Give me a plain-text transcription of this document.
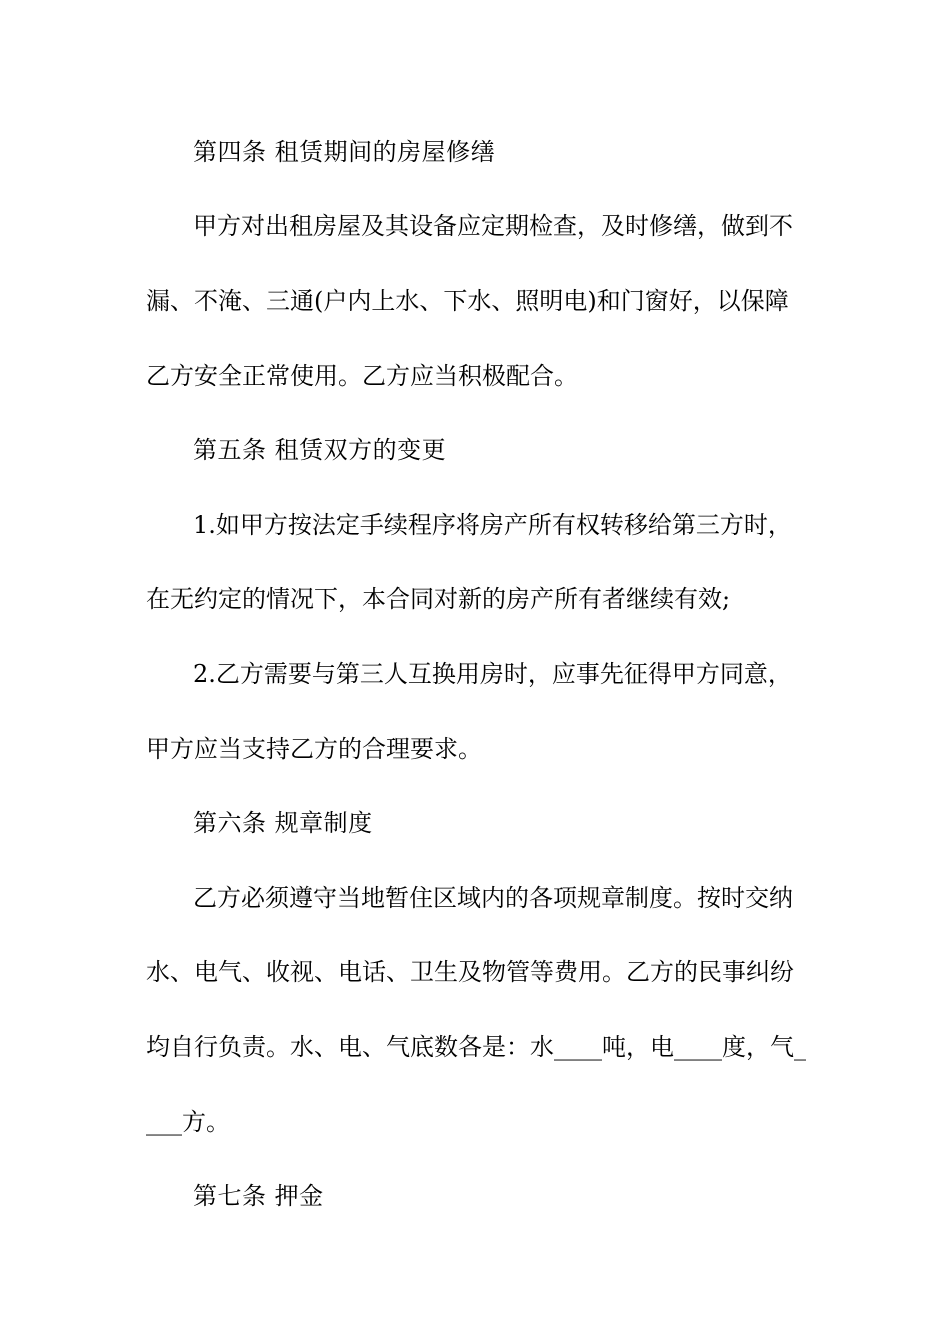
第四条 租赁期间的房屋修缮
甲方对出租房屋及其设备应定期检查，及时修缮，做到不
漏、不淹、三通(户内上水、下水、照明电)和门窗好，以保障
乙方安全正常使用。乙方应当积极配合。
第五条 租赁双方的变更
1.如甲方按法定手续程序将房产所有权转移给第三方时，
在无约定的情况下，本合同对新的房产所有者继续有效;
2.乙方需要与第三人互换用房时，应事先征得甲方同意，
甲方应当支持乙方的合理要求。
第六条 规章制度
乙方必须遵守当地暂住区域内的各项规章制度。按时交纳
水、电气、收视、电话、卫生及物管等费用。乙方的民事纠纷
均自行负责。水、电、气底数各是：水____吨，电____度，气_
___方。
第七条 押金
